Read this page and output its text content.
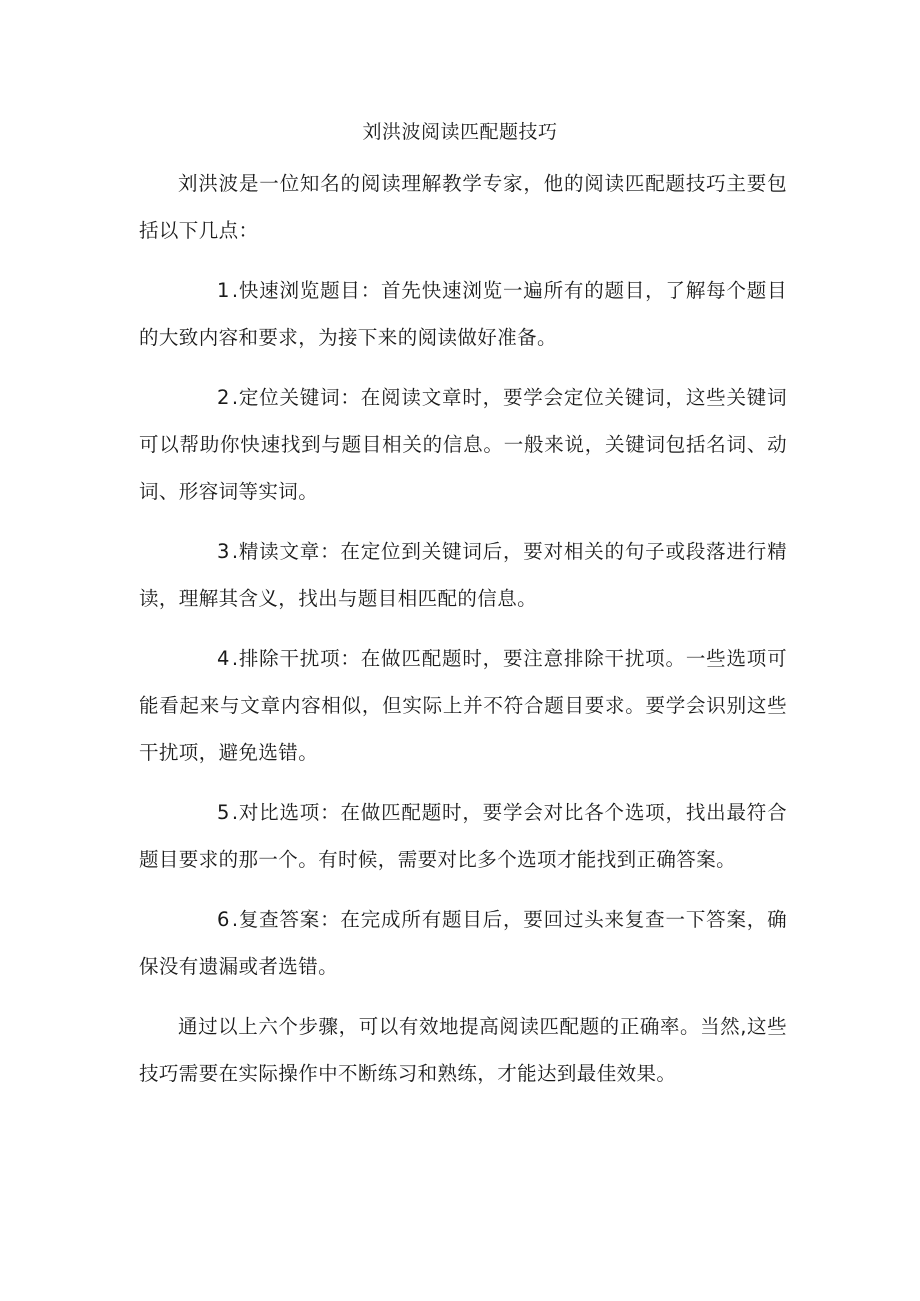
刘洪波阅读匹配题技巧

刘洪波是一位知名的阅读理解教学专家，他的阅读匹配题技巧主要包括以下几点：

1 .快速浏览题目：首先快速浏览一遍所有的题目，了解每个题目的大致内容和要求，为接下来的阅读做好准备。

2 .定位关键词：在阅读文章时，要学会定位关键词，这些关键词可以帮助你快速找到与题目相关的信息。一般来说，关键词包括名词、动词、形容词等实词。

3 .精读文章：在定位到关键词后，要对相关的句子或段落进行精读，理解其含义，找出与题目相匹配的信息。

4 .排除干扰项：在做匹配题时，要注意排除干扰项。一些选项可能看起来与文章内容相似，但实际上并不符合题目要求。要学会识别这些干扰项，避免选错。

5 .对比选项：在做匹配题时，要学会对比各个选项，找出最符合题目要求的那一个。有时候，需要对比多个选项才能找到正确答案。

6 .复查答案：在完成所有题目后，要回过头来复查一下答案，确保没有遗漏或者选错。

通过以上六个步骤，可以有效地提高阅读匹配题的正确率。当然,这些技巧需要在实际操作中不断练习和熟练，才能达到最佳效果。
